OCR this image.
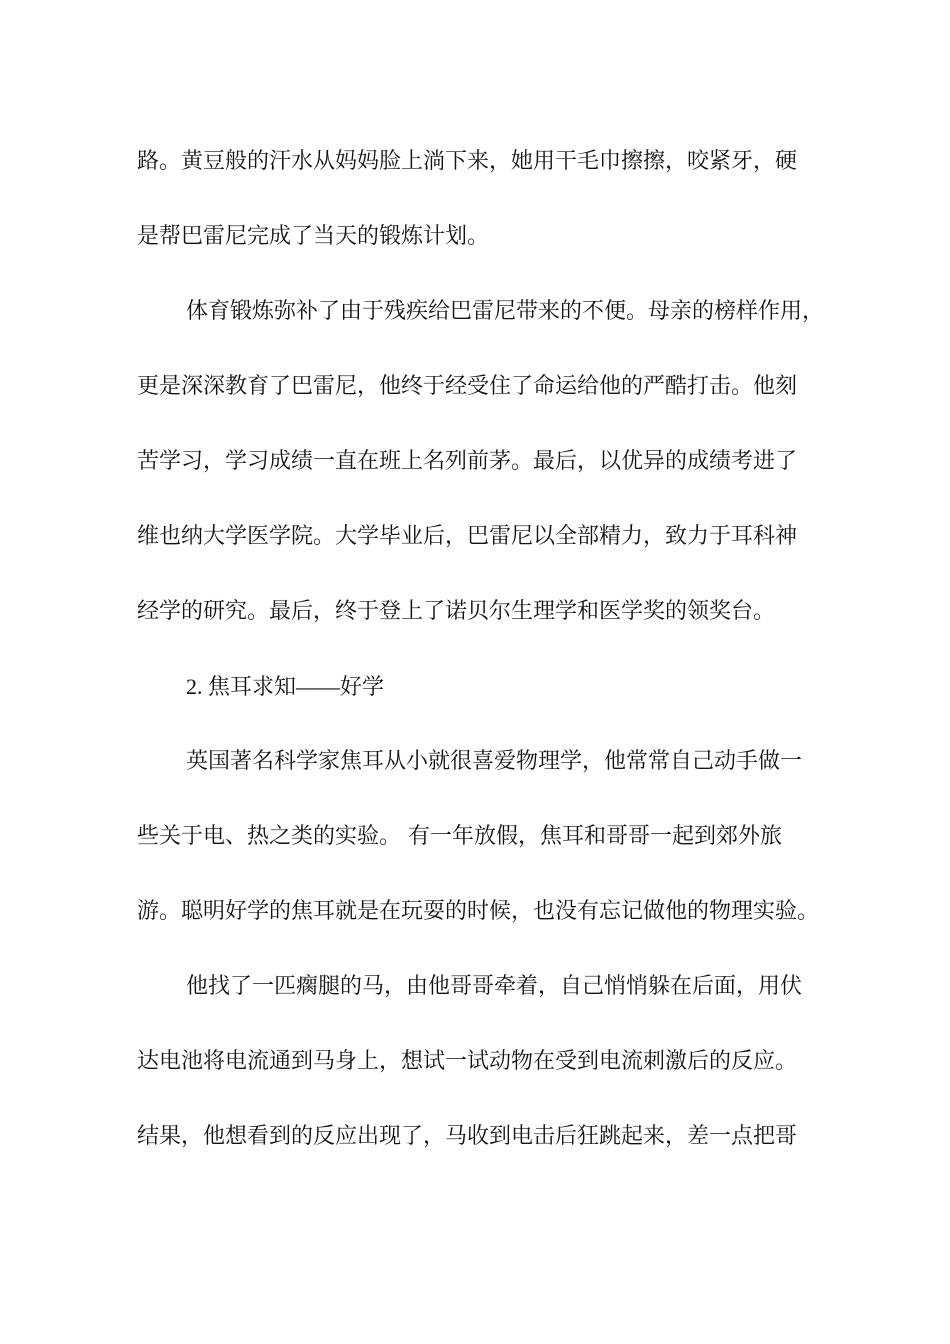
路。黄豆般的汗水从妈妈脸上淌下来，她用干毛巾擦擦，咬紧牙，硬
是帮巴雷尼完成了当天的锻炼计划。
体育锻炼弥补了由于残疾给巴雷尼带来的不便。母亲的榜样作用，
更是深深教育了巴雷尼，他终于经受住了命运给他的严酷打击。他刻
苦学习，学习成绩一直在班上名列前茅。最后，以优异的成绩考进了
维也纳大学医学院。大学毕业后，巴雷尼以全部精力，致力于耳科神
经学的研究。最后，终于登上了诺贝尔生理学和医学奖的领奖台。
2. 焦耳求知——好学
英国著名科学家焦耳从小就很喜爱物理学，他常常自己动手做一
些关于电、热之类的实验。 有一年放假，焦耳和哥哥一起到郊外旅
游。聪明好学的焦耳就是在玩耍的时候，也没有忘记做他的物理实验。
他找了一匹瘸腿的马，由他哥哥牵着，自己悄悄躲在后面，用伏
达电池将电流通到马身上，想试一试动物在受到电流刺激后的反应。
结果，他想看到的反应出现了，马收到电击后狂跳起来，差一点把哥
